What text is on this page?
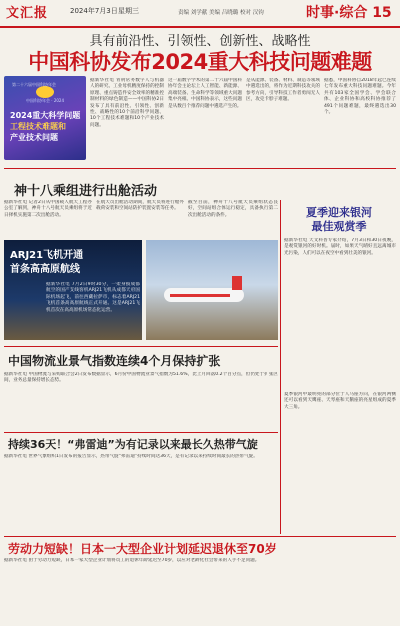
文汇报	2024年7月3日 星期三	责编 刘学献 美编 吕晓璐 校对 汉钧	时事·综合 15
具有前沿性、引领性、创新性、战略性
中国科协发布2024重大科技问题难题
第二十六届中国科协年会
中国科协年会 · 2024
2024重大科学问题
工程技术难题和
产业技术问题
据新华社电 青荆常务数字人与机器人的研究、工业母机精度保持的控制原理、重点铸造件安全效率的精准控制材料的绿色制造——中国科协2日发布了具有前沿性、引领性、创新性、战略性的10个前沿科学问题、10个工程技术难题和10个产业技术问题。
这一届数字学术的第二十六届中国科协年会主论坛上人工智能、新能源、高端装备、生命科学等领域重大问题集中亮相。中国科协表示，这些问题是从数百个推荐问题中遴选产生的。
是从能源、装备、材料、制造等领域中遴选出的，将作为近期科技攻关的参考方向，引导科技工作者勇闯无人区，攻克卡脖子难题。
据悉，中国科协自2018年起已连续七年发布重大科技问题难题。今年共有103家全国学会、学会联合体、企业科协和高校科协推荐了491个问题难题，最终遴选出30个。
神十八乘组进行出舱活动
据新华社电 记者2日从中国载人航天工程办公室了解到，神舟十八号航天员乘组将于近日择机实施第二次出舱活动。
在航天员出舱活动期间，航天员将进行舱外载荷安装和空间站防护装置安装等任务。
截至目前，神舟十八号航天员乘组状态良好，空间站组合体运行稳定，具备执行第二次出舱活动的条件。
ARJ21飞机开通
首条高高原航线
据新华社电 7月2日9时30分，一架身披成都航空的国产支线客机ARJ21飞机从成都天府国际机场起飞，前往西藏拉萨市，标志着ARJ21飞机首条高高原航线正式开通。这是ARJ21飞机首次在高高原机场常态化运营。
夏季迎来银河
最佳观赏季
据新华社电 天文科普专家介绍，7月3日和30日夜晚，是观赏银河的好时机。届时，如果天气晴好且远离城市光污染，人们可以在夜空中看到壮美的银河。
夏季银河中最明亮的部分位于人马座方向，在银河两侧还可以看到天鹰座、天琴座和天鹅座的亮星组成的夏季大三角。
中国物流业景气指数连续4个月保持扩张
据新华社电 中国物流与采购联合会2日发布数据显示，6月份中国物流业景气指数为51.6%，比上月回落0.2个百分点，但仍处于扩张区间，业务总量保持增长态势。
持续36天！“弗雷迪”为有记录以来最长久热带气旋
据新华社电 世界气象组织1日发布的报告显示，热带气旋“弗雷迪”持续时间达36天，是有记录以来持续时间最长的热带气旋。
劳动力短缺！日本一大型企业计划延迟退休至70岁
据新华社电 由于劳动力短缺，日本一家大型企业计划将员工的退休年龄延迟至70岁，以应对老龄化社会带来的人手不足问题。
